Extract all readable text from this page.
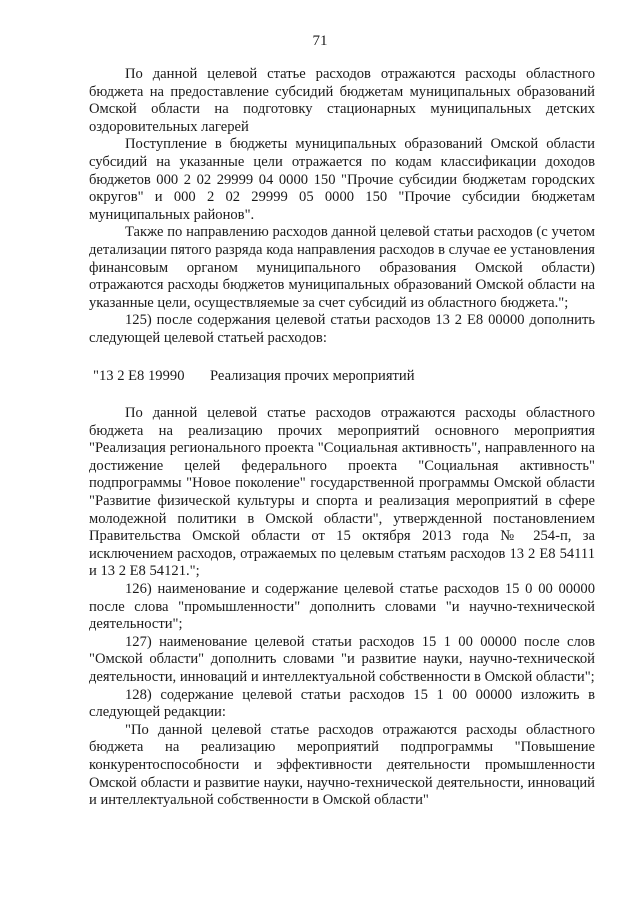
71

По данной целевой статье расходов отражаются расходы областного бюджета на предоставление субсидий бюджетам муниципальных образований Омской области на подготовку стационарных муниципальных детских оздоровительных лагерей

Поступление в бюджеты муниципальных образований Омской области субсидий на указанные цели отражается по кодам классификации доходов бюджетов 000 2 02 29999 04 0000 150 "Прочие субсидии бюджетам городских округов" и 000 2 02 29999 05 0000 150 "Прочие субсидии бюджетам муниципальных районов".

Также по направлению расходов данной целевой статьи расходов (с учетом детализации пятого разряда кода направления расходов в случае ее установления финансовым органом муниципального образования Омской области) отражаются расходы бюджетов муниципальных образований Омской области на указанные цели, осуществляемые за счет субсидий из областного бюджета.";

125) после содержания целевой статьи расходов 13 2 E8 00000 дополнить следующей целевой статьей расходов:

"13 2 E8 19990	Реализация прочих мероприятий

По данной целевой статье расходов отражаются расходы областного бюджета на реализацию прочих мероприятий основного мероприятия "Реализация регионального проекта "Социальная активность", направленного на достижение целей федерального проекта "Социальная активность" подпрограммы "Новое поколение" государственной программы Омской области "Развитие физической культуры и спорта и реализация мероприятий в сфере молодежной политики в Омской области", утвержденной постановлением Правительства Омской области от 15 октября 2013 года № 254-п, за исключением расходов, отражаемых по целевым статьям расходов 13 2 E8 54111 и 13 2 E8 54121.";

126) наименование и содержание целевой статье расходов 15 0 00 00000 после слова "промышленности" дополнить словами "и научно-технической деятельности";

127) наименование целевой статьи расходов 15 1 00 00000 после слов "Омской области" дополнить словами "и развитие науки, научно-технической деятельности, инноваций и интеллектуальной собственности в Омской области";

128) содержание целевой статьи расходов 15 1 00 00000 изложить в следующей редакции:

"По данной целевой статье расходов отражаются расходы областного бюджета на реализацию мероприятий подпрограммы "Повышение конкурентоспособности и эффективности деятельности промышленности Омской области и развитие науки, научно-технической деятельности, инноваций и интеллектуальной собственности в Омской области"
